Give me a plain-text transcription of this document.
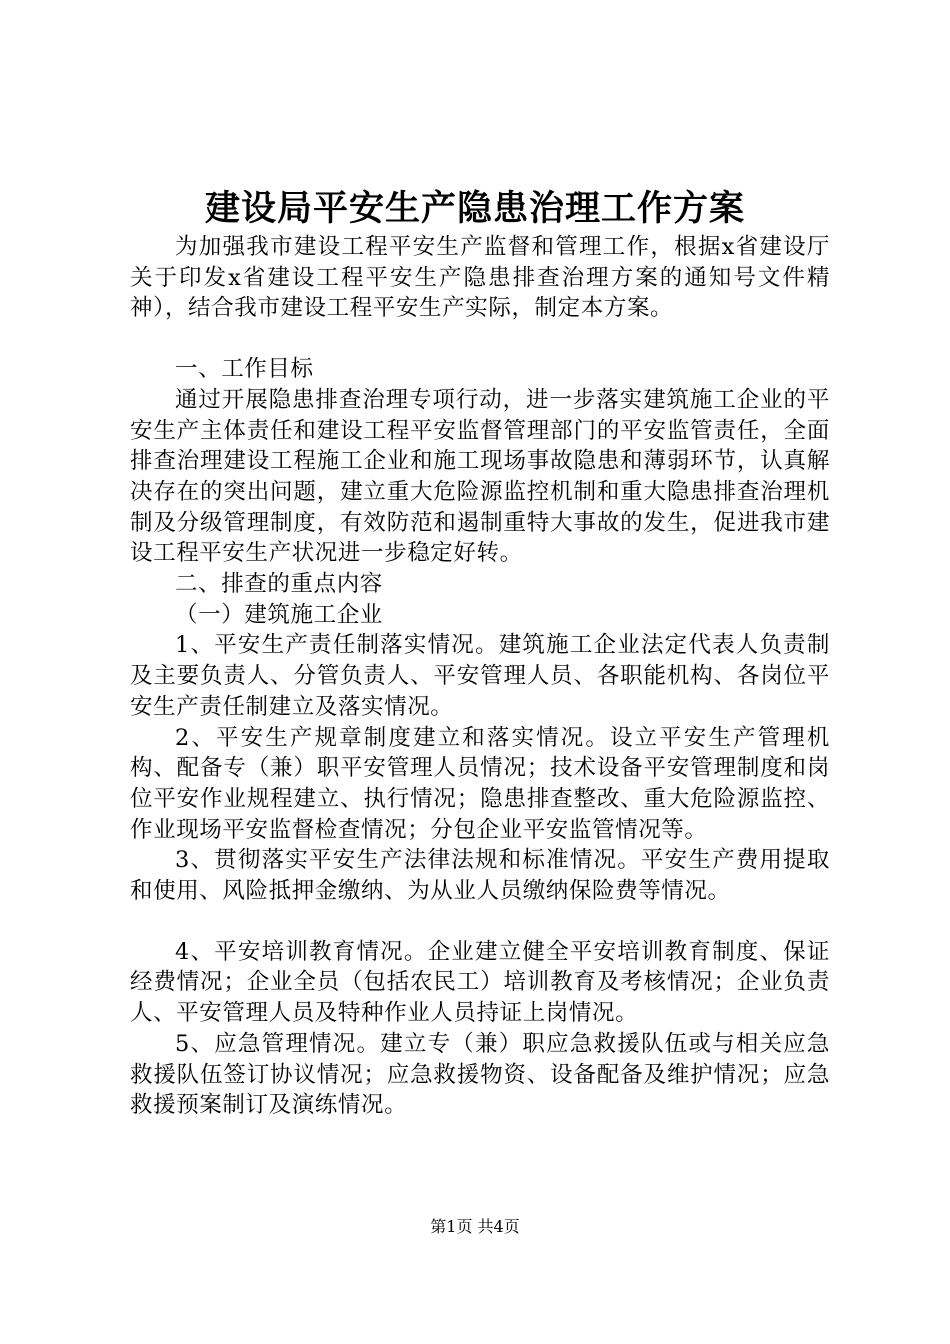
建设局平安生产隐患治理工作方案

为加强我市建设工程平安生产监督和管理工作，根据x省建设厅关于印发x省建设工程平安生产隐患排查治理方案的通知号文件精神），结合我市建设工程平安生产实际，制定本方案。

一、工作目标

通过开展隐患排查治理专项行动，进一步落实建筑施工企业的平安生产主体责任和建设工程平安监督管理部门的平安监管责任，全面排查治理建设工程施工企业和施工现场事故隐患和薄弱环节，认真解决存在的突出问题，建立重大危险源监控机制和重大隐患排查治理机制及分级管理制度，有效防范和遏制重特大事故的发生，促进我市建设工程平安生产状况进一步稳定好转。

二、排查的重点内容

（一）建筑施工企业

1、平安生产责任制落实情况。建筑施工企业法定代表人负责制及主要负责人、分管负责人、平安管理人员、各职能机构、各岗位平安生产责任制建立及落实情况。

2、平安生产规章制度建立和落实情况。设立平安生产管理机构、配备专（兼）职平安管理人员情况；技术设备平安管理制度和岗位平安作业规程建立、执行情况；隐患排查整改、重大危险源监控、作业现场平安监督检查情况；分包企业平安监管情况等。

3、贯彻落实平安生产法律法规和标准情况。平安生产费用提取和使用、风险抵押金缴纳、为从业人员缴纳保险费等情况。

4、平安培训教育情况。企业建立健全平安培训教育制度、保证经费情况；企业全员（包括农民工）培训教育及考核情况；企业负责人、平安管理人员及特种作业人员持证上岗情况。

5、应急管理情况。建立专（兼）职应急救援队伍或与相关应急救援队伍签订协议情况；应急救援物资、设备配备及维护情况；应急救援预案制订及演练情况。

第1页 共4页
